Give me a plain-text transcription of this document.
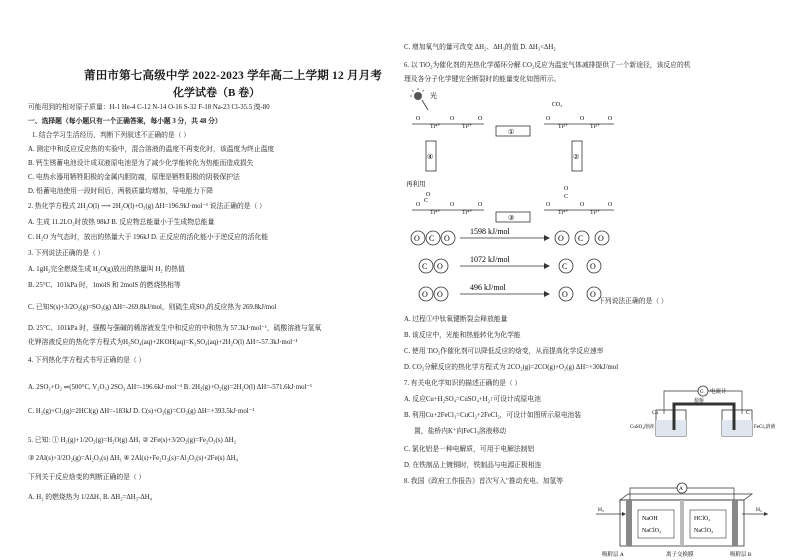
莆田市第七高级中学 2022-2023 学年高二上学期 12 月月考
化学试卷（B 卷）
可能用到的相对原子质量：H-1 He-4 C-12 N-14 O-16 S-32 F-18 Na-23 Cl-35.5 溴-80
一、选择题（每小题只有一个正确答案，每小题 3 分，共 48 分）
1. 结合学习生活经历，判断下列叙述不正确的是（ ）
A. 测定中和反应反应热的实验中，混合溶液的温度不再变化时，该温度为终止温度
B. 钙生锈蓄电池设计成双液原电池是为了减少化学能转化为热能而造成损失
C. 电热水器用牺牲阳极的金属内胆防腐，原理是牺牲阳极的阴极保护法
D. 铅蓄电池使用一段时间后，两极质量均增加，导电能力下降
2. 热化学方程式 2H₂O(l) ⟶ 2H₂O(l)+O₂(g) ΔH=196.9kJ·mol⁻¹ 说法正确的是（ ）
A. 生成 11.2LO₂时放热 98kJ B. 反应物总能量小于生成物总能量
C. H₂O 为气态时，放出的热量大于 196kJ D. 正反应的活化能小于逆反应的活化能
3. 下列说法正确的是（ ）
A. 1gH₂完全燃烧生成 H₂O(g)放出的热量叫 H₂ 的热值
B. 25°C、101kPa 时，1molS 和 2molS 的燃烧热相等
C. 已知S(s)+3/2O₂(g)=SO₃(g) ΔH=-269.8kJ/mol，则硫生成SO₃的反应热为 269.8kJ/mol
D. 25°C、101kPa 时，强酸与强碱的稀溶液发生中和反应的中和热为 57.3kJ·mol⁻¹，硫酸溶液与氢氧
化钾溶液反应的热化学方程式为H₂SO₄(aq)+2KOH(aq)=K₂SO₄(aq)+2H₂O(l) ΔH=-57.3kJ·mol⁻¹
4. 下列热化学方程式书写正确的是（ ）
A. 2SO₂+O₂ ⇌(500°C, V₂O₅) 2SO₃ ΔH=-196.6kJ·mol⁻¹ B. 2H₂(g)+O₂(g)=2H₂O(l) ΔH=-571.6kJ·mol⁻¹
C. H₂(g)+Cl₂(g)=2HCl(g) ΔH=-183kJ D. C(s)+O₂(g)=CO₂(g) ΔH=+393.5kJ·mol⁻¹
5. 已知: ① H₂(g)+1/2O₂(g)=H₂O(g) ΔH₁ ② 2Fe(s)+3/2O₂(g)=Fe₂O₃(s) ΔH₂
③ 2Al(s)+3/2O₂(g)=Al₂O₃(s) ΔH₃ ④ 2Al(s)+Fe₂O₃(s)=Al₂O₃(s)+2Fe(s) ΔH₄
下列关于反应焓变的判断正确的是（ ）
A. H₂ 的燃烧热为 1/2ΔH₁ B. ΔH₂=ΔH₃-ΔH₄
C. 增加氧气的量可改变 ΔH₂、ΔH₃的值 D. ΔH₃<ΔH₂
6. 以 TiO₂为催化剂的光热化学循环分解 CO₂反应为温室气体减排提供了一个新途径，该反应的机
理及各分子化学键完全断裂时的能量变化如图所示。
光
O
Ti⁴⁺
O
Ti³⁺
O
①
CO₂
O
Ti³⁺
O
Ti³⁺
O
②
④
再利用
O
C
O
Ti⁴⁺
O
Ti⁴⁺
O
③
O
C
O
Ti⁴⁺
O
Ti³⁺
O
O C O
1598 kJ/mol
O C O
C O
1072 kJ/mol
C	O
O O
496 kJ/mol
O	O
下列说法正确的是（ ）
A. 过程①中钛氧键断裂会释放能量
B. 该反应中，光能和热能转化为化学能
C. 使用 TiO₂作催化剂可以降低反应的焓变，从而提高化学反应速率
D. CO₂分解反应的热化学方程式为 2CO₂(g)=2CO(g)+O₂(g) ΔH=+30kJ/mol
7. 有关电化学知识的描述正确的是（ ）
A. 反应Cu+H₂SO₄=CuSO₄+H₂↑可设计成原电池
B. 利用Cu+2FeCl₃=CuCl₂+2FeCl₂，可设计如图所示原电池装
置，盐桥内K⁺向FeCl₃溶液移动
C. 氯化铝是一种电解质，可用于电解法制铝
D. 在铁制品上镀铜时，铁制品与电源正极相连
8. 我国《政府工作报告》首次写入"推动充电、加氢等
G 电流计
Cu	C
盐桥
CuSO₄溶液	FeCl₃溶液
A
NaOH
NaClO₄
HClO₄
NaClO₄
H₂	H₂
吸附层 A	离子交换膜	吸附层 B
